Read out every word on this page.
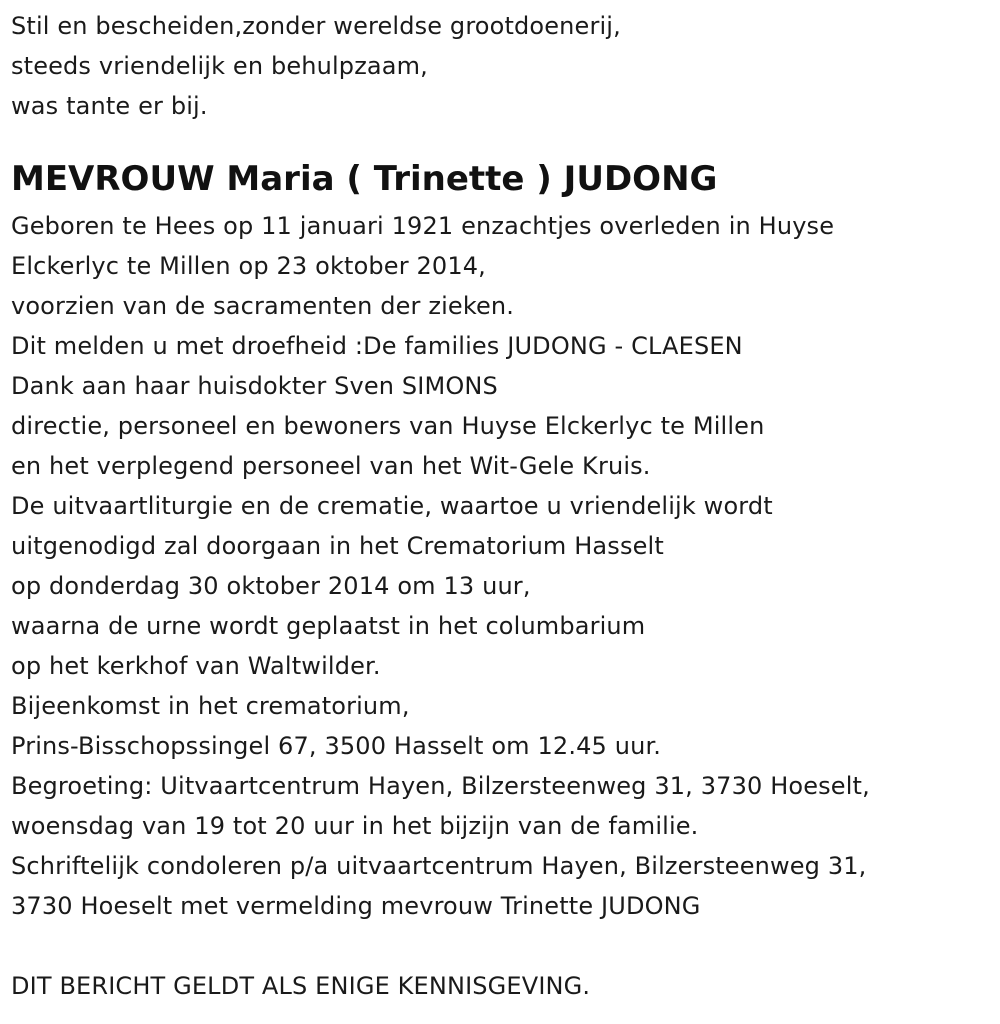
Stil en bescheiden,zonder wereldse grootdoenerij,
steeds vriendelijk en behulpzaam,
was tante er bij.
MEVROUW Maria ( Trinette ) JUDONG
Geboren te Hees op 11 januari 1921 enzachtjes overleden in Huyse
Elckerlyc te Millen op 23 oktober 2014,
voorzien van de sacramenten der zieken.
Dit melden u met droefheid :De families JUDONG - CLAESEN
Dank aan haar huisdokter Sven SIMONS
directie, personeel en bewoners van Huyse Elckerlyc te Millen
en het verplegend personeel van het Wit-Gele Kruis.
De uitvaartliturgie en de crematie, waartoe u vriendelijk wordt
uitgenodigd zal doorgaan in het Crematorium Hasselt
op donderdag 30 oktober 2014 om 13 uur,
waarna de urne wordt geplaatst in het columbarium
op het kerkhof van Waltwilder.
Bijeenkomst in het crematorium,
Prins-Bisschopssingel 67, 3500 Hasselt om 12.45 uur.
Begroeting: Uitvaartcentrum Hayen, Bilzersteenweg 31, 3730 Hoeselt,
woensdag van 19 tot 20 uur in het bijzijn van de familie.
Schriftelijk condoleren p/a uitvaartcentrum Hayen, Bilzersteenweg 31,
3730 Hoeselt met vermelding mevrouw Trinette JUDONG
DIT BERICHT GELDT ALS ENIGE KENNISGEVING.
